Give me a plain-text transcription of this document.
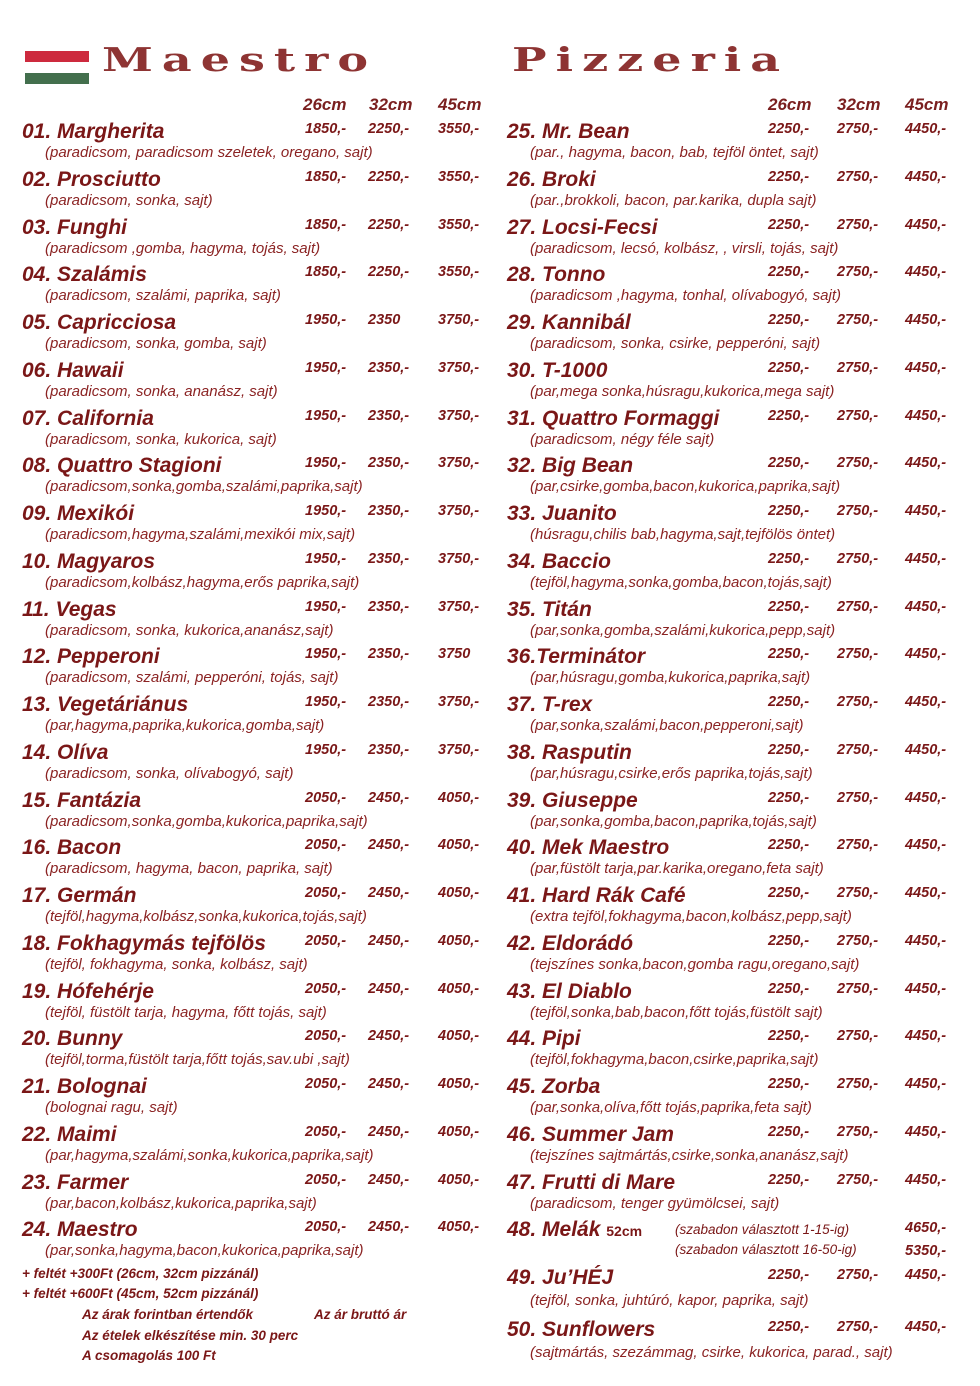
Maestro	Pizzeria
26cm 32cm 45cm	26cm 32cm 45cm
01. Margherita	1850,- 2250,- 3550,-
(paradicsom, paradicsom szeletek, oregano, sajt)
02. Prosciutto	1850,- 2250,- 3550,-
(paradicsom, sonka, sajt)
03. Funghi	1850,- 2250,- 3550,-
(paradicsom ,gomba, hagyma, tojás, sajt)
04. Szalámis	1850,- 2250,- 3550,-
(paradicsom, szalámi, paprika, sajt)
05. Capricciosa	1950,- 2350	3750,-
(paradicsom, sonka, gomba, sajt)
06. Hawaii	1950,- 2350,- 3750,-
(paradicsom, sonka, ananász, sajt)
07. California	1950,- 2350,- 3750,-
(paradicsom, sonka, kukorica, sajt)
08. Quattro Stagioni	1950,- 2350,- 3750,-
(paradicsom,sonka,gomba,szalámi,paprika,sajt)
09. Mexikói	1950,- 2350,- 3750,-
(paradicsom,hagyma,szalámi,mexikói mix,sajt)
10. Magyaros	1950,- 2350,- 3750,-
(paradicsom,kolbász,hagyma,erős paprika,sajt)
11. Vegas	1950,- 2350,- 3750,-
(paradicsom, sonka, kukorica,ananász,sajt)
12. Pepperoni	1950,- 2350,- 3750
(paradicsom, szalámi, pepperóni, tojás, sajt)
13. Vegetáriánus	1950,- 2350,- 3750,-
(par,hagyma,paprika,kukorica,gomba,sajt)
14. Olíva	1950,- 2350,- 3750,-
(paradicsom, sonka, olívabogyó, sajt)
15. Fantázia	2050,- 2450,- 4050,-
(paradicsom,sonka,gomba,kukorica,paprika,sajt)
16. Bacon	2050,- 2450,- 4050,-
(paradicsom, hagyma, bacon, paprika, sajt)
17. Germán	2050,- 2450,- 4050,-
(tejföl,hagyma,kolbász,sonka,kukorica,tojás,sajt)
18. Fokhagymás tejfölös	2050,- 2450,- 4050,-
(tejföl, fokhagyma, sonka, kolbász, sajt)
19. Hófehérje	2050,- 2450,- 4050,-
(tejföl, füstölt tarja, hagyma, főtt tojás, sajt)
20. Bunny	2050,- 2450,- 4050,-
(tejföl,torma,füstölt tarja,főtt tojás,sav.ubi ,sajt)
21. Bolognai	2050,- 2450,- 4050,-
(bolognai ragu, sajt)
22. Maimi	2050,- 2450,- 4050,-
(par,hagyma,szalámi,sonka,kukorica,paprika,sajt)
23. Farmer	2050,- 2450,- 4050,-
(par,bacon,kolbász,kukorica,paprika,sajt)
24. Maestro	2050,- 2450,- 4050,-
(par,sonka,hagyma,bacon,kukorica,paprika,sajt)
25. Mr. Bean	2250,- 2750,- 4450,-
(par., hagyma, bacon, bab, tejföl öntet, sajt)
26. Broki	2250,- 2750,- 4450,-
(par.,brokkoli, bacon, par.karika, dupla sajt)
27. Locsi-Fecsi	2250,- 2750,- 4450,-
(paradicsom, lecsó, kolbász, , virsli, tojás, sajt)
28. Tonno	2250,- 2750,- 4450,-
(paradicsom ,hagyma, tonhal, olívabogyó, sajt)
29. Kannibál	2250,- 2750,- 4450,-
(paradicsom, sonka, csirke, pepperóni, sajt)
30. T-1000	2250,- 2750,- 4450,-
(par,mega sonka,húsragu,kukorica,mega sajt)
31. Quattro Formaggi	2250,- 2750,- 4450,-
(paradicsom, négy féle sajt)
32. Big Bean	2250,- 2750,- 4450,-
(par,csirke,gomba,bacon,kukorica,paprika,sajt)
33. Juanito	2250,- 2750,- 4450,-
(húsragu,chilis bab,hagyma,sajt,tejfölös öntet)
34. Baccio	2250,- 2750,- 4450,-
(tejföl,hagyma,sonka,gomba,bacon,tojás,sajt)
35. Titán	2250,- 2750,- 4450,-
(par,sonka,gomba,szalámi,kukorica,pepp,sajt)
36.Terminátor	2250,- 2750,- 4450,-
(par,húsragu,gomba,kukorica,paprika,sajt)
37. T-rex	2250,- 2750,- 4450,-
(par,sonka,szalámi,bacon,pepperoni,sajt)
38. Rasputin	2250,- 2750,- 4450,-
(par,húsragu,csirke,erős paprika,tojás,sajt)
39. Giuseppe	2250,- 2750,- 4450,-
(par,sonka,gomba,bacon,paprika,tojás,sajt)
40. Mek Maestro	2250,- 2750,- 4450,-
(par,füstölt tarja,par.karika,oregano,feta sajt)
41. Hard Rák Café	2250,- 2750,- 4450,-
(extra tejföl,fokhagyma,bacon,kolbász,pepp,sajt)
42. Eldorádó	2250,- 2750,- 4450,-
(tejszínes sonka,bacon,gomba ragu,oregano,sajt)
43. El Diablo	2250,- 2750,- 4450,-
(tejföl,sonka,bab,bacon,főtt tojás,füstölt sajt)
44. Pipi	2250,- 2750,- 4450,-
(tejföl,fokhagyma,bacon,csirke,paprika,sajt)
45. Zorba	2250,- 2750,- 4450,-
(par,sonka,olíva,főtt tojás,paprika,feta sajt)
46. Summer Jam	2250,- 2750,- 4450,-
(tejszínes sajtmártás,csirke,sonka,ananász,sajt)
47. Frutti di Mare	2250,- 2750,- 4450,-
(paradicsom, tenger gyümölcsei, sajt)
48. Melák 52cm (szabadon választott 1-15-ig)	4650,-
(szabadon választott 16-50-ig)	5350,-
49. Ju’HÉJ	2250,- 2750,- 4450,-
(tejföl, sonka, juhtúró, kapor, paprika, sajt)
50. Sunflowers	2250,- 2750,- 4450,-
(sajtmártás, szezámmag, csirke, kukorica, parad., sajt)
+ feltét +300Ft (26cm, 32cm pizzánál)
+ feltét +600Ft (45cm, 52cm pizzánál)
Az árak forintban értendők	Az ár bruttó ár
Az ételek elkészítése min. 30 perc
A csomagolás 100 Ft
